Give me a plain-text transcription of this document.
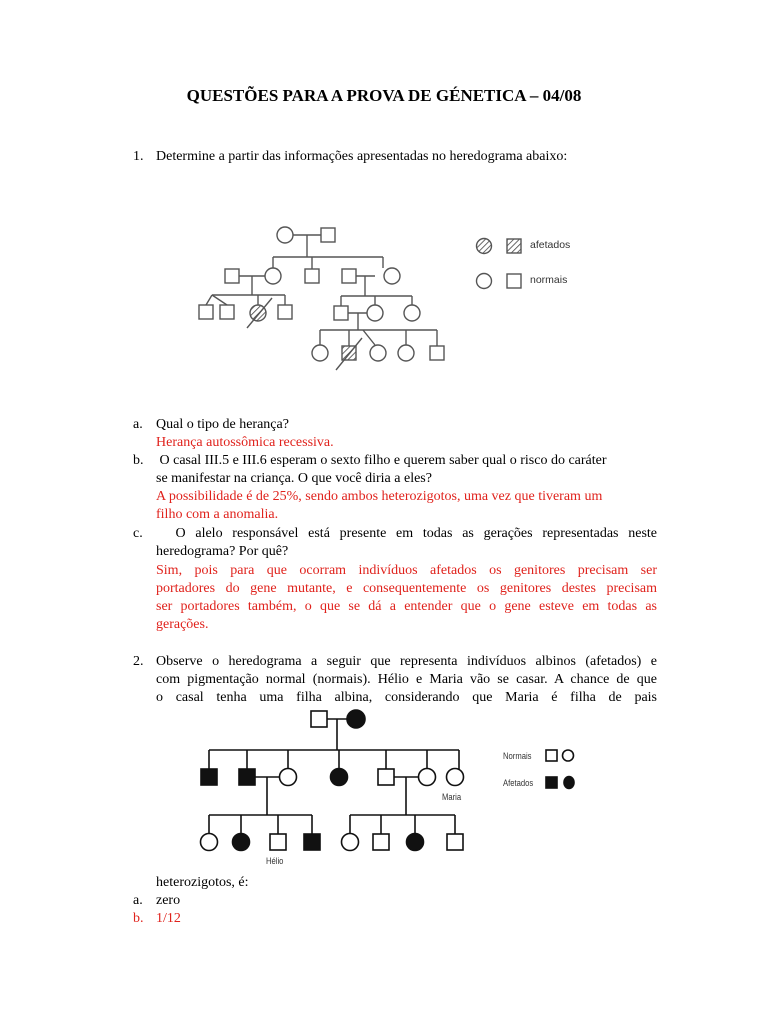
QUESTÕES PARA A PROVA DE GÉNETICA – 04/08
1. Determine a partir das informações apresentadas no heredograma abaixo:
afetados
normais
a. Qual o tipo de herança?
Herança autossômica recessiva.
b. O casal III.5 e III.6 esperam o sexto filho e querem saber qual o risco do caráter
se manifestar na criança. O que você diria a eles?
A possibilidade é de 25%, sendo ambos heterozigotos, uma vez que tiveram um
filho com a anomalia.
c. O alelo responsável está presente em todas as gerações representadas neste
heredograma? Por quê?
Sim, pois para que ocorram indivíduos afetados os genitores precisam ser
portadores do gene mutante, e consequentemente os genitores destes precisam
ser portadores também, o que se dá a entender que o gene esteve em todas as
gerações.
2. Observe o heredograma a seguir que representa indivíduos albinos (afetados) e
com pigmentação normal (normais). Hélio e Maria vão se casar. A chance de que
o casal tenha uma filha albina, considerando que Maria é filha de pais
Normais
Afetados
Maria
Hélio
heterozigotos, é:
a. zero
b. 1/12
